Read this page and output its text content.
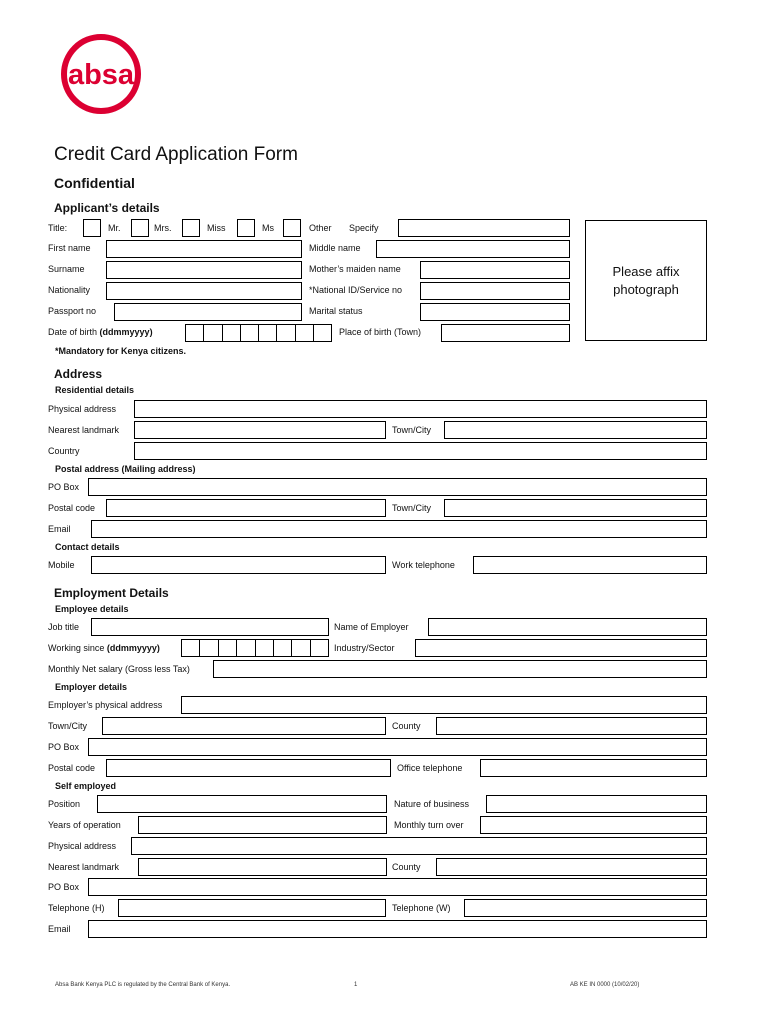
absa
Credit Card Application Form
Confidential
Applicant’s details
Title:	Mr.	Mrs.	Miss	Ms	Other Specify
First name	Middle name
Surname	Mother’s maiden name
Nationality	*National ID/Service no
Passport no	Marital status
Date of birth (ddmmyyyy)	Place of birth (Town)
Please affix photograph
*Mandatory for Kenya citizens.
Address
Residential details
Physical address
Nearest landmark	Town/City
Country
Postal address (Mailing address)
PO Box
Postal code	Town/City
Email
Contact details
Mobile	Work telephone
Employment Details
Employee details
Job title	Name of Employer
Working since (ddmmyyyy)	Industry/Sector
Monthly Net salary (Gross less Tax)
Employer details
Employer’s physical address
Town/City	County
PO Box
Postal code	Office telephone
Self employed
Position	Nature of business
Years of operation	Monthly turn over
Physical address
Nearest landmark	County
PO Box
Telephone (H)	Telephone (W)
Email
Absa Bank Kenya PLC is regulated by the Central Bank of Kenya.	1	AB KE IN 0000 (10/02/20)
